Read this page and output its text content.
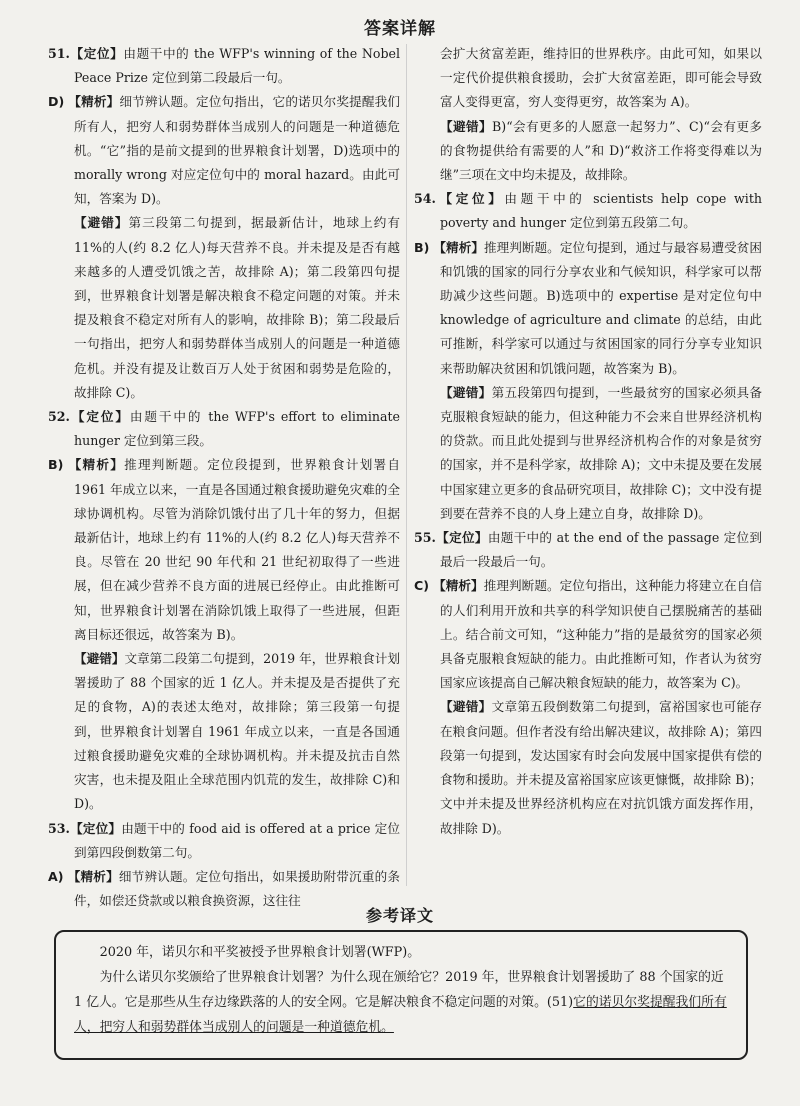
答案详解

51.【定位】由题干中的 the WFP's winning of the Nobel Peace Prize 定位到第二段最后一句。

D) 【精析】细节辨认题。定位句指出，它的诺贝尔奖提醒我们所有人，把穷人和弱势群体当成别人的问题是一种道德危机。“它”指的是前文提到的世界粮食计划署，D)选项中的 morally wrong 对应定位句中的 moral hazard。由此可知，答案为 D)。

【避错】第三段第二句提到，据最新估计，地球上约有11%的人(约 8.2 亿人)每天营养不良。并未提及是否有越来越多的人遭受饥饿之苦，故排除 A)；第二段第四句提到，世界粮食计划署是解决粮食不稳定问题的对策。并未提及粮食不稳定对所有人的影响，故排除 B)；第二段最后一句指出，把穷人和弱势群体当成别人的问题是一种道德危机。并没有提及让数百万人处于贫困和弱势是危险的，故排除 C)。

52.【定位】由题干中的 the WFP's effort to eliminate hunger 定位到第三段。

B) 【精析】推理判断题。定位段提到，世界粮食计划署自 1961 年成立以来，一直是各国通过粮食援助避免灾难的全球协调机构。尽管为消除饥饿付出了几十年的努力，但据最新估计，地球上约有 11%的人(约 8.2 亿人)每天营养不良。尽管在 20 世纪 90 年代和 21 世纪初取得了一些进展，但在减少营养不良方面的进展已经停止。由此推断可知，世界粮食计划署在消除饥饿上取得了一些进展，但距离目标还很远，故答案为 B)。

【避错】文章第二段第二句提到，2019 年，世界粮食计划署援助了 88 个国家的近 1 亿人。并未提及是否提供了充足的食物，A)的表述太绝对，故排除；第三段第一句提到，世界粮食计划署自 1961 年成立以来，一直是各国通过粮食援助避免灾难的全球协调机构。并未提及抗击自然灾害，也未提及阻止全球范围内饥荒的发生，故排除 C)和 D)。

53.【定位】由题干中的 food aid is offered at a price 定位到第四段倒数第二句。

A) 【精析】细节辨认题。定位句指出，如果援助附带沉重的条件，如偿还贷款或以粮食换资源，这往往

会扩大贫富差距，维持旧的世界秩序。由此可知，如果以一定代价提供粮食援助，会扩大贫富差距，即可能会导致富人变得更富，穷人变得更穷，故答案为 A)。

【避错】B)“会有更多的人愿意一起努力”、C)“会有更多的食物提供给有需要的人”和 D)“救济工作将变得难以为继”三项在文中均未提及，故排除。

54.【定位】由题干中的 scientists help cope with poverty and hunger 定位到第五段第二句。

B) 【精析】推理判断题。定位句提到，通过与最容易遭受贫困和饥饿的国家的同行分享农业和气候知识，科学家可以帮助减少这些问题。B)选项中的 expertise 是对定位句中 knowledge of agriculture and climate 的总结，由此可推断，科学家可以通过与贫困国家的同行分享专业知识来帮助解决贫困和饥饿问题，故答案为 B)。

【避错】第五段第四句提到，一些最贫穷的国家必须具备克服粮食短缺的能力，但这种能力不会来自世界经济机构的贷款。而且此处提到与世界经济机构合作的对象是贫穷的国家，并不是科学家，故排除 A)；文中未提及要在发展中国家建立更多的食品研究项目，故排除 C)；文中没有提到要在营养不良的人身上建立自身，故排除 D)。

55.【定位】由题干中的 at the end of the passage 定位到最后一段最后一句。

C) 【精析】推理判断题。定位句指出，这种能力将建立在自信的人们利用开放和共享的科学知识使自己摆脱痛苦的基础上。结合前文可知，“这种能力”指的是最贫穷的国家必须具备克服粮食短缺的能力。由此推断可知，作者认为贫穷国家应该提高自己解决粮食短缺的能力，故答案为 C)。

【避错】文章第五段倒数第二句提到，富裕国家也可能存在粮食问题。但作者没有给出解决建议，故排除 A)；第四段第一句提到，发达国家有时会向发展中国家提供有偿的食物和援助。并未提及富裕国家应该更慷慨，故排除 B)；文中并未提及世界经济机构应在对抗饥饿方面发挥作用，故排除 D)。

参考译文

2020 年，诺贝尔和平奖被授予世界粮食计划署(WFP)。

为什么诺贝尔奖颁给了世界粮食计划署？为什么现在颁给它？2019 年，世界粮食计划署援助了 88 个国家的近 1 亿人。它是那些从生存边缘跌落的人的安全网。它是解决粮食不稳定问题的对策。(51)它的诺贝尔奖提醒我们所有人，把穷人和弱势群体当成别人的问题是一种道德危机。
